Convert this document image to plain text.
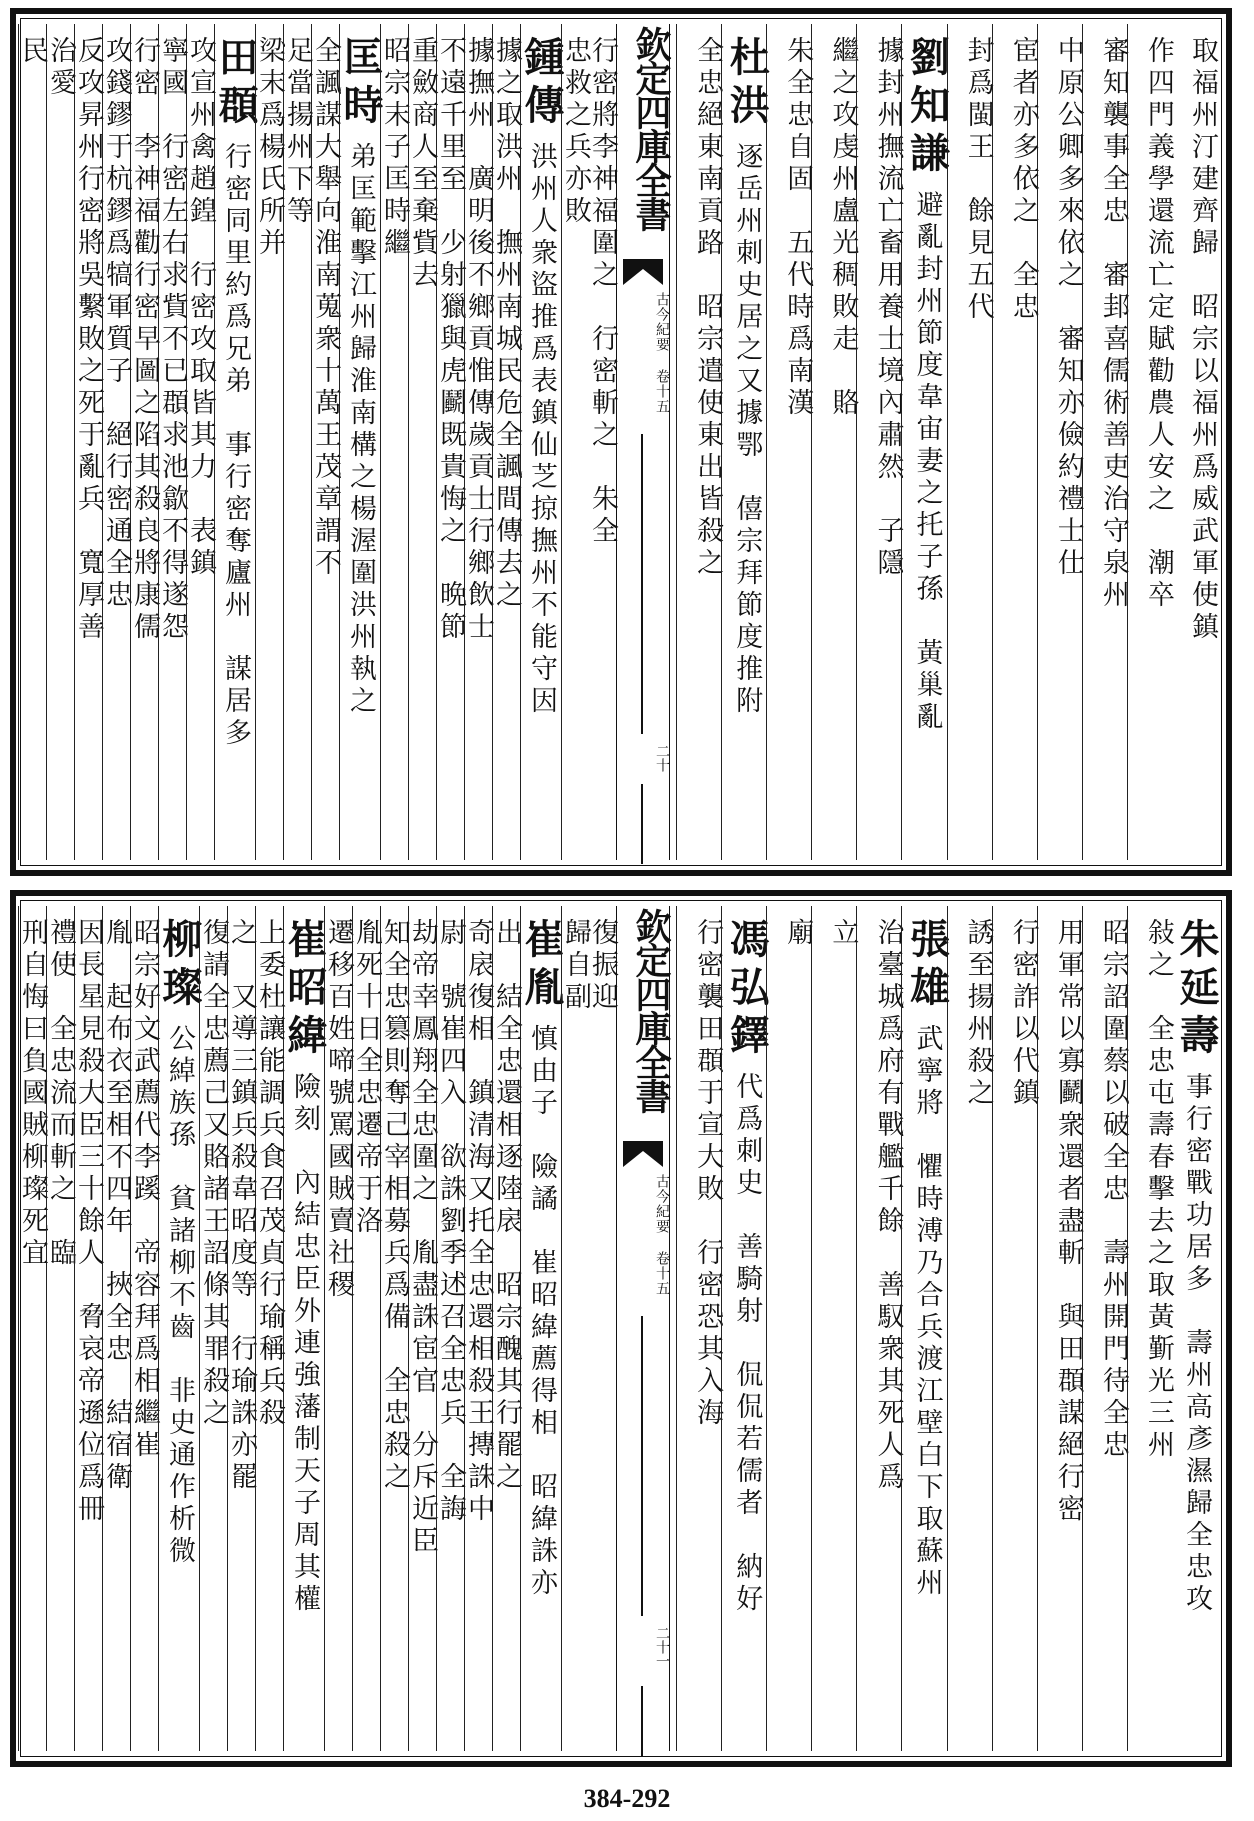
取福州汀建齊歸　昭宗以福州爲威武軍使鎮
作四門義學還流亡定賦勸農人安之　潮卒
審知襲事全忠　審邽喜儒術善吏治守泉州
中原公卿多來依之　審知亦儉約禮士仕
宦者亦多依之　全忠
封爲閩王　餘見五代
劉知謙避亂封州節度韋宙妻之托子孫　黃巢亂
據封州撫流亡畜用養士境內肅然　子隱
繼之攻虔州盧光稠敗走　賂
朱全忠自固　五代時爲南漢
杜洪逐岳州刺史居之又據鄂　僖宗拜節度推附
全忠絕東南貢路　昭宗遣使東出皆殺之
欽定四庫全書
古今紀要 卷十五
二十
行密將李神福圍之　行密斬之　朱全
忠救之兵亦敗
鍾傳洪州人衆盜推爲表鎮仙芝掠撫州不能守因
據之取洪州　撫州南城民危全諷間傳去之
據撫州　廣明後不鄉貢惟傳歲貢士行鄉飲士
不遠千里至　少射獵與虎鬬既貴悔之　晩節
重斂商人至棄貲去
昭宗末子匡時繼
匡時弟匡範擊江州歸淮南構之楊渥圍洪州執之
全諷謀大舉向淮南蒐衆十萬王茂章謂不
足當揚州下等
梁末爲楊氏所并
田頵行密同里約爲兄弟　事行密奪廬州　謀居多
攻宣州禽趙鍠　行密攻取皆其力　表鎮
寧國　行密左右求貲不已頵求池歙不得遂怨
行密　李神福勸行密早圖之陷其殺良將康儒
攻錢鏐于杭鏐爲犒軍質子　絕行密通全忠
反攻昇州行密將吳繫敗之死于亂兵　寬厚善
治愛
民
朱延壽事行密戰功居多　壽州高彥濕歸全忠攻
敍之　全忠屯壽春擊去之取黃斳光三州
昭宗詔圍蔡以破全忠　壽州開門待全忠
用軍常以寡鬬衆還者盡斬　與田頵謀絕行密
行密詐以代鎮
誘至揚州殺之
張雄武寧將　懼時溥乃合兵渡江壁白下取蘇州
治臺城爲府有戰艦千餘　善馭衆其死人爲
立
廟
馮弘鐸代爲刺史　善騎射　侃侃若儒者　納好
行密襲田頵于宣大敗　行密恐其入海
欽定四庫全書
古今紀要 卷十五
二十一
復振迎
歸自副
崔胤慎由子　險譎　崔昭緯薦得相　昭緯誅亦
出　結全忠還相逐陸扆　昭宗醜其行罷之
奇扆復相　鎮清海又托全忠還相殺王摶誅中
尉　號崔四入　欲誅劉季述召全忠兵　全誨
劫帝幸鳳翔全忠圍之　胤盡誅宦官　分斥近臣
知全忠篡則奪己宰相募兵爲備　全忠殺之
胤死十日全忠遷帝于洛
遷移百姓啼號罵國賊賣社稷
崔昭緯險刻　內結忠臣外連強藩制天子周其權
上委杜讓能調兵食召茂貞行瑜稱兵殺
之　又導三鎮兵殺韋昭度等　行瑜誅亦罷
復請全忠薦己又賂諸王詔條其罪殺之
柳璨公綽族孫　貧諸柳不齒　非史通作析微
昭宗好文武薦代李蹊　帝容拜爲相繼崔
胤　起布衣至相不四年　挾全忠　結宿衛
因長星見殺大臣三十餘人　脅哀帝遜位爲冊
禮使　全忠流而斬之　臨
刑自悔曰負國賊柳璨死宜
384-292
